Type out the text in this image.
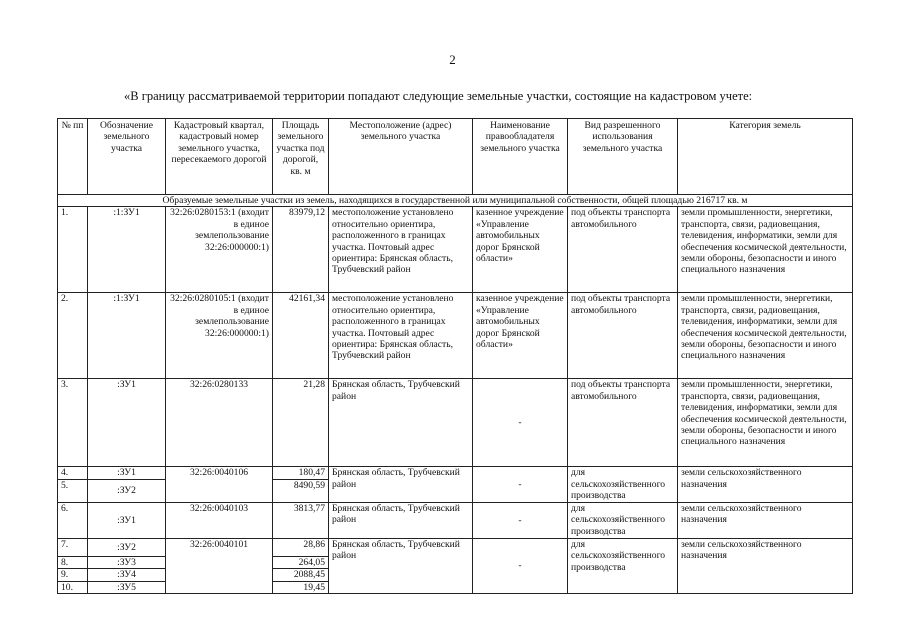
2
«В границу рассматриваемой территории попадают следующие земельные участки, состоящие на кадастровом учете:
№ пп	Обозначение земельного участка	Кадастровый квартал, кадастровый номер земельного участка, пересекаемого дорогой	Площадь земельного участка под дорогой, кв. м	Местоположение (адрес) земельного участка	Наименование правообладателя земельного участка	Вид разрешенного использования земельного участка	Категория земель
Образуемые земельные участки из земель, находящихся в государственной или муниципальной собственности, общей площадью 216717 кв. м							
1.	:1:ЗУ1	32:26:0280153:1 (входит в единое землепользование 32:26:000000:1)	83979,12	местоположение установлено относительно ориентира, расположенного в границах участка. Почтовый адрес ориентира: Брянская область, Трубчевский район	казенное учреждение «Управление автомобильных дорог Брянской области»	под объекты транспорта автомобильного	земли промышленности, энергетики, транспорта, связи, радиовещания, телевидения, информатики, земли для обеспечения космической деятельности, земли обороны, безопасности и иного специального назначения
2.	:1:ЗУ1	32:26:0280105:1 (входит в единое землепользование 32:26:000000:1)	42161,34	местоположение установлено относительно ориентира, расположенного в границах участка. Почтовый адрес ориентира: Брянская область, Трубчевский район	казенное учреждение «Управление автомобильных дорог Брянской области»	под объекты транспорта автомобильного	земли промышленности, энергетики, транспорта, связи, радиовещания, телевидения, информатики, земли для обеспечения космической деятельности, земли обороны, безопасности и иного специального назначения
3.	:ЗУ1	32:26:0280133	21,28	Брянская область, Трубчевский район	-	под объекты транспорта автомобильного	земли промышленности, энергетики, транспорта, связи, радиовещания, телевидения, информатики, земли для обеспечения космической деятельности, земли обороны, безопасности и иного специального назначения
4.	:ЗУ1	32:26:0040106	180,47	Брянская область, Трубчевский район	-	для сельскохозяйственного производства	земли сельскохозяйственного назначения
5.	:ЗУ2		8490,59				
6.	:ЗУ1	32:26:0040103	3813,77	Брянская область, Трубчевский район	-	для сельскохозяйственного производства	земли сельскохозяйственного назначения
7.	:ЗУ2	32:26:0040101	28,86	Брянская область, Трубчевский район	-	для сельскохозяйственного производства	земли сельскохозяйственного назначения
8.	:ЗУ3		264,05				
9.	:ЗУ4		2088,45				
10.	:ЗУ5		19,45				
